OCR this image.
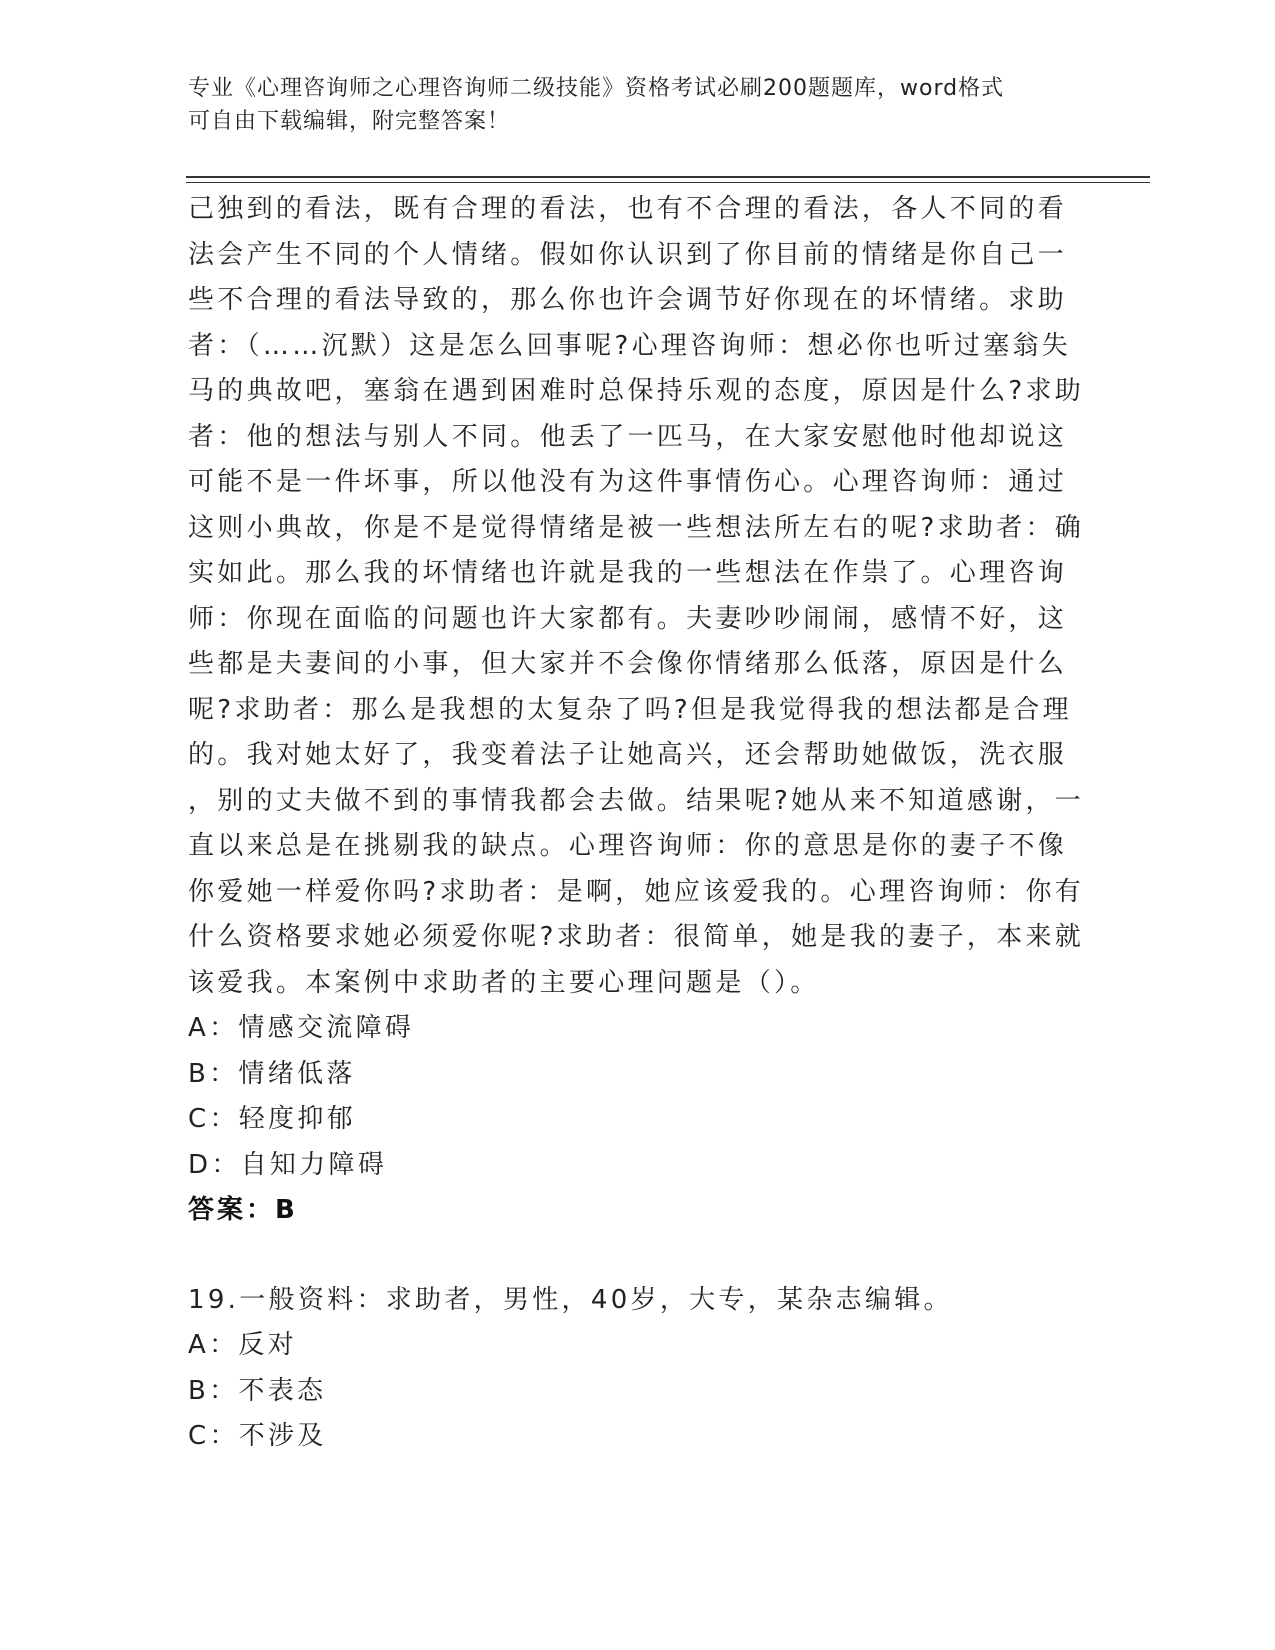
专业《心理咨询师之心理咨询师二级技能》资格考试必刷200题题库，word格式
可自由下载编辑，附完整答案！
己独到的看法，既有合理的看法，也有不合理的看法，各人不同的看
法会产生不同的个人情绪。假如你认识到了你目前的情绪是你自己一
些不合理的看法导致的，那么你也许会调节好你现在的坏情绪。求助
者：（……沉默）这是怎么回事呢?心理咨询师：想必你也听过塞翁失
马的典故吧，塞翁在遇到困难时总保持乐观的态度，原因是什么?求助
者：他的想法与别人不同。他丢了一匹马，在大家安慰他时他却说这
可能不是一件坏事，所以他没有为这件事情伤心。心理咨询师：通过
这则小典故，你是不是觉得情绪是被一些想法所左右的呢?求助者：确
实如此。那么我的坏情绪也许就是我的一些想法在作祟了。心理咨询
师：你现在面临的问题也许大家都有。夫妻吵吵闹闹，感情不好，这
些都是夫妻间的小事，但大家并不会像你情绪那么低落，原因是什么
呢?求助者：那么是我想的太复杂了吗?但是我觉得我的想法都是合理
的。我对她太好了，我变着法子让她高兴，还会帮助她做饭，洗衣服
，别的丈夫做不到的事情我都会去做。结果呢?她从来不知道感谢，一
直以来总是在挑剔我的缺点。心理咨询师：你的意思是你的妻子不像
你爱她一样爱你吗?求助者：是啊，她应该爱我的。心理咨询师：你有
什么资格要求她必须爱你呢?求助者：很简单，她是我的妻子，本来就
该爱我。本案例中求助者的主要心理问题是（）。
A：情感交流障碍
B：情绪低落
C：轻度抑郁
D：自知力障碍
答案：B
19.一般资料：求助者，男性，40岁，大专，某杂志编辑。
A：反对
B：不表态
C：不涉及
